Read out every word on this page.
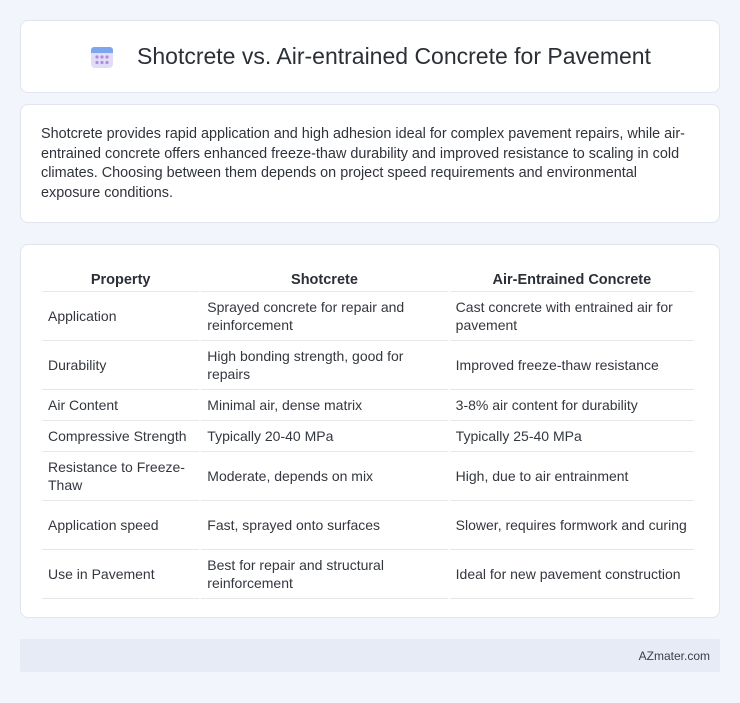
Shotcrete vs. Air-entrained Concrete for Pavement

Shotcrete provides rapid application and high adhesion ideal for complex pavement repairs, while air-entrained concrete offers enhanced freeze-thaw durability and improved resistance to scaling in cold climates. Choosing between them depends on project speed requirements and environmental exposure conditions.

Property	Shotcrete	Air-Entrained Concrete
Application	Sprayed concrete for repair and reinforcement	Cast concrete with entrained air for pavement
Durability	High bonding strength, good for repairs	Improved freeze-thaw resistance
Air Content	Minimal air, dense matrix	3-8% air content for durability
Compressive Strength	Typically 20-40 MPa	Typically 25-40 MPa
Resistance to Freeze-Thaw	Moderate, depends on mix	High, due to air entrainment
Application speed	Fast, sprayed onto surfaces	Slower, requires formwork and curing
Use in Pavement	Best for repair and structural reinforcement	Ideal for new pavement construction
AZmater.com
